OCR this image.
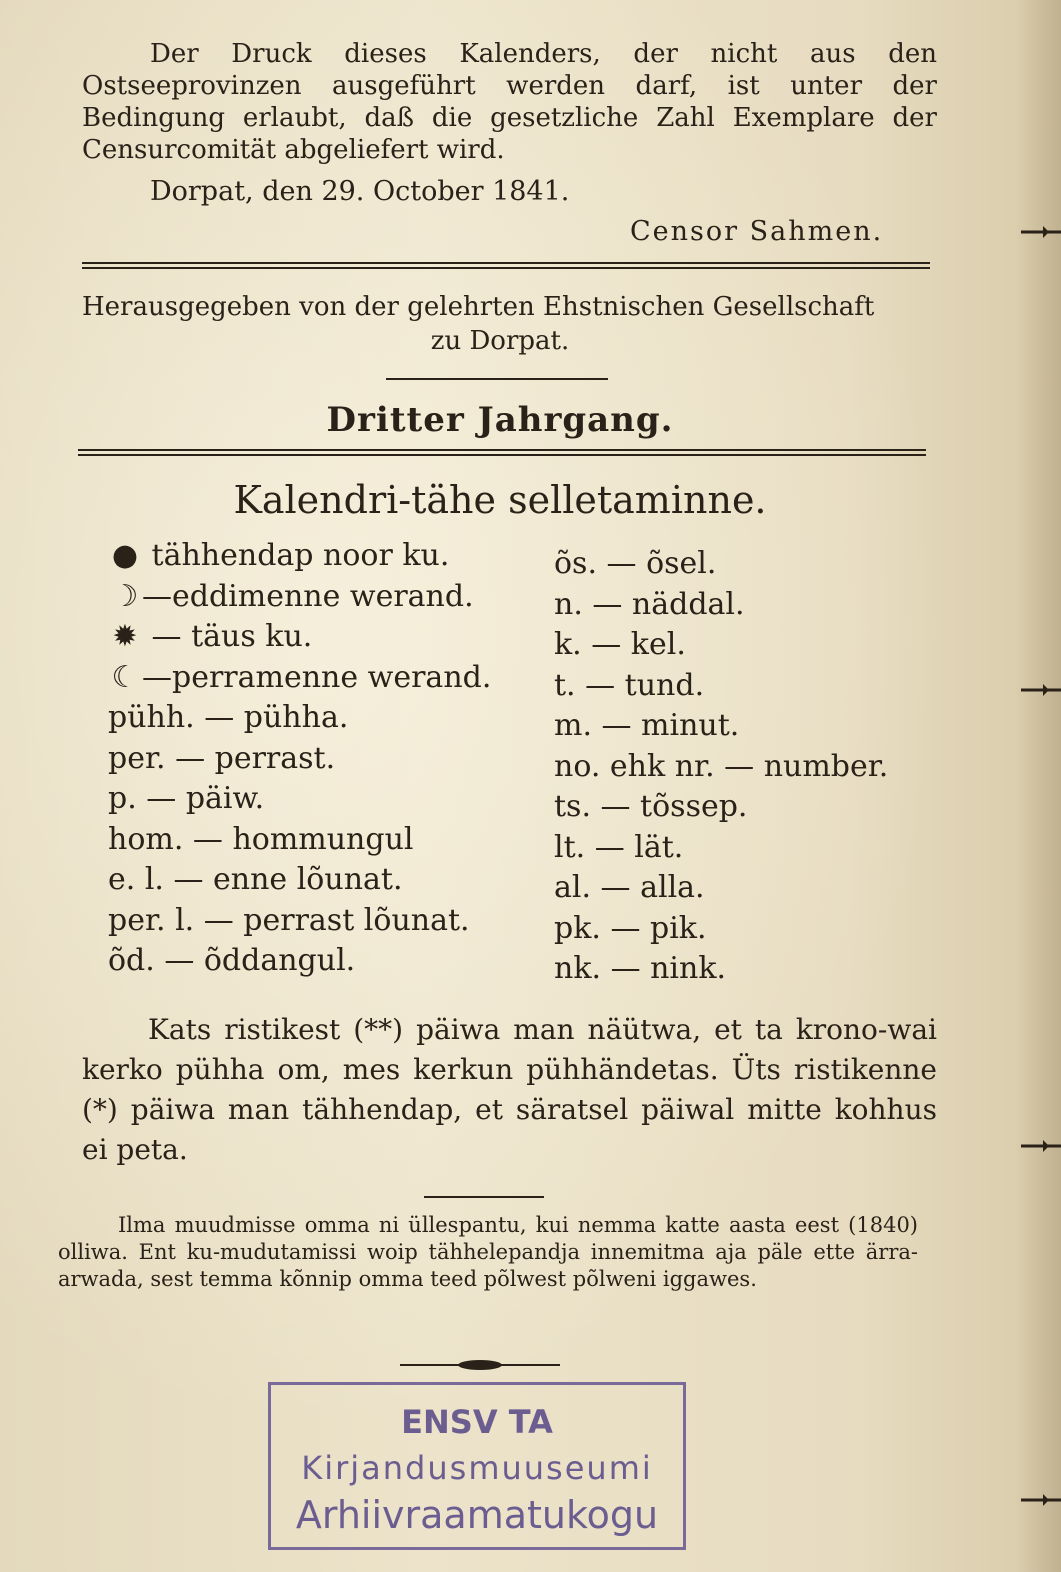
Der Druck dieses Kalenders, der nicht aus den Ostseeprovinzen ausgeführt werden darf, ist unter der Bedingung erlaubt, daß die gesetzliche Zahl Exemplare der Censurcomität abgeliefert wird.

Dorpat, den 29. October 1841.

Censor Sahmen.

Herausgegeben von der gelehrten Ehstnischen Gesellschaft

zu Dorpat.

Dritter Jahrgang.

Kalendri-tähe selletaminne.

● tähhendap noor ku.
☽ —eddimenne werand.
✹ — täus ku.
☾ —perramenne werand.
pühh. — pühha.
per. — perrast.
p. — päiw.
hom. — hommungul
e. l. — enne lõunat.
per. l. — perrast lõunat.
õd. — õddangul.
õs. — õsel.
n. — näddal.
k. — kel.
t. — tund.
m. — minut.
no. ehk nr. — number.
ts. — tõssep.
lt. — lät.
al. — alla.
pk. — pik.
nk. — nink.

Kats ristikest (**) päiwa man näütwa, et ta krono-wai kerko pühha om, mes kerkun pühhändetas. Üts ristikenne (*) päiwa man tähhendap, et säratsel päiwal mitte kohhus ei peta.

Ilma muudmisse omma ni üllespantu, kui nemma katte aasta eest (1840) olliwa. Ent ku-mudutamissi woip tähhelepandja innemitma aja päle ette ärra-arwada, sest temma kõnnip omma teed põlwest põlweni iggawes.

ENSV TA
Kirjandusmuuseumi
Arhiivraamatukogu
